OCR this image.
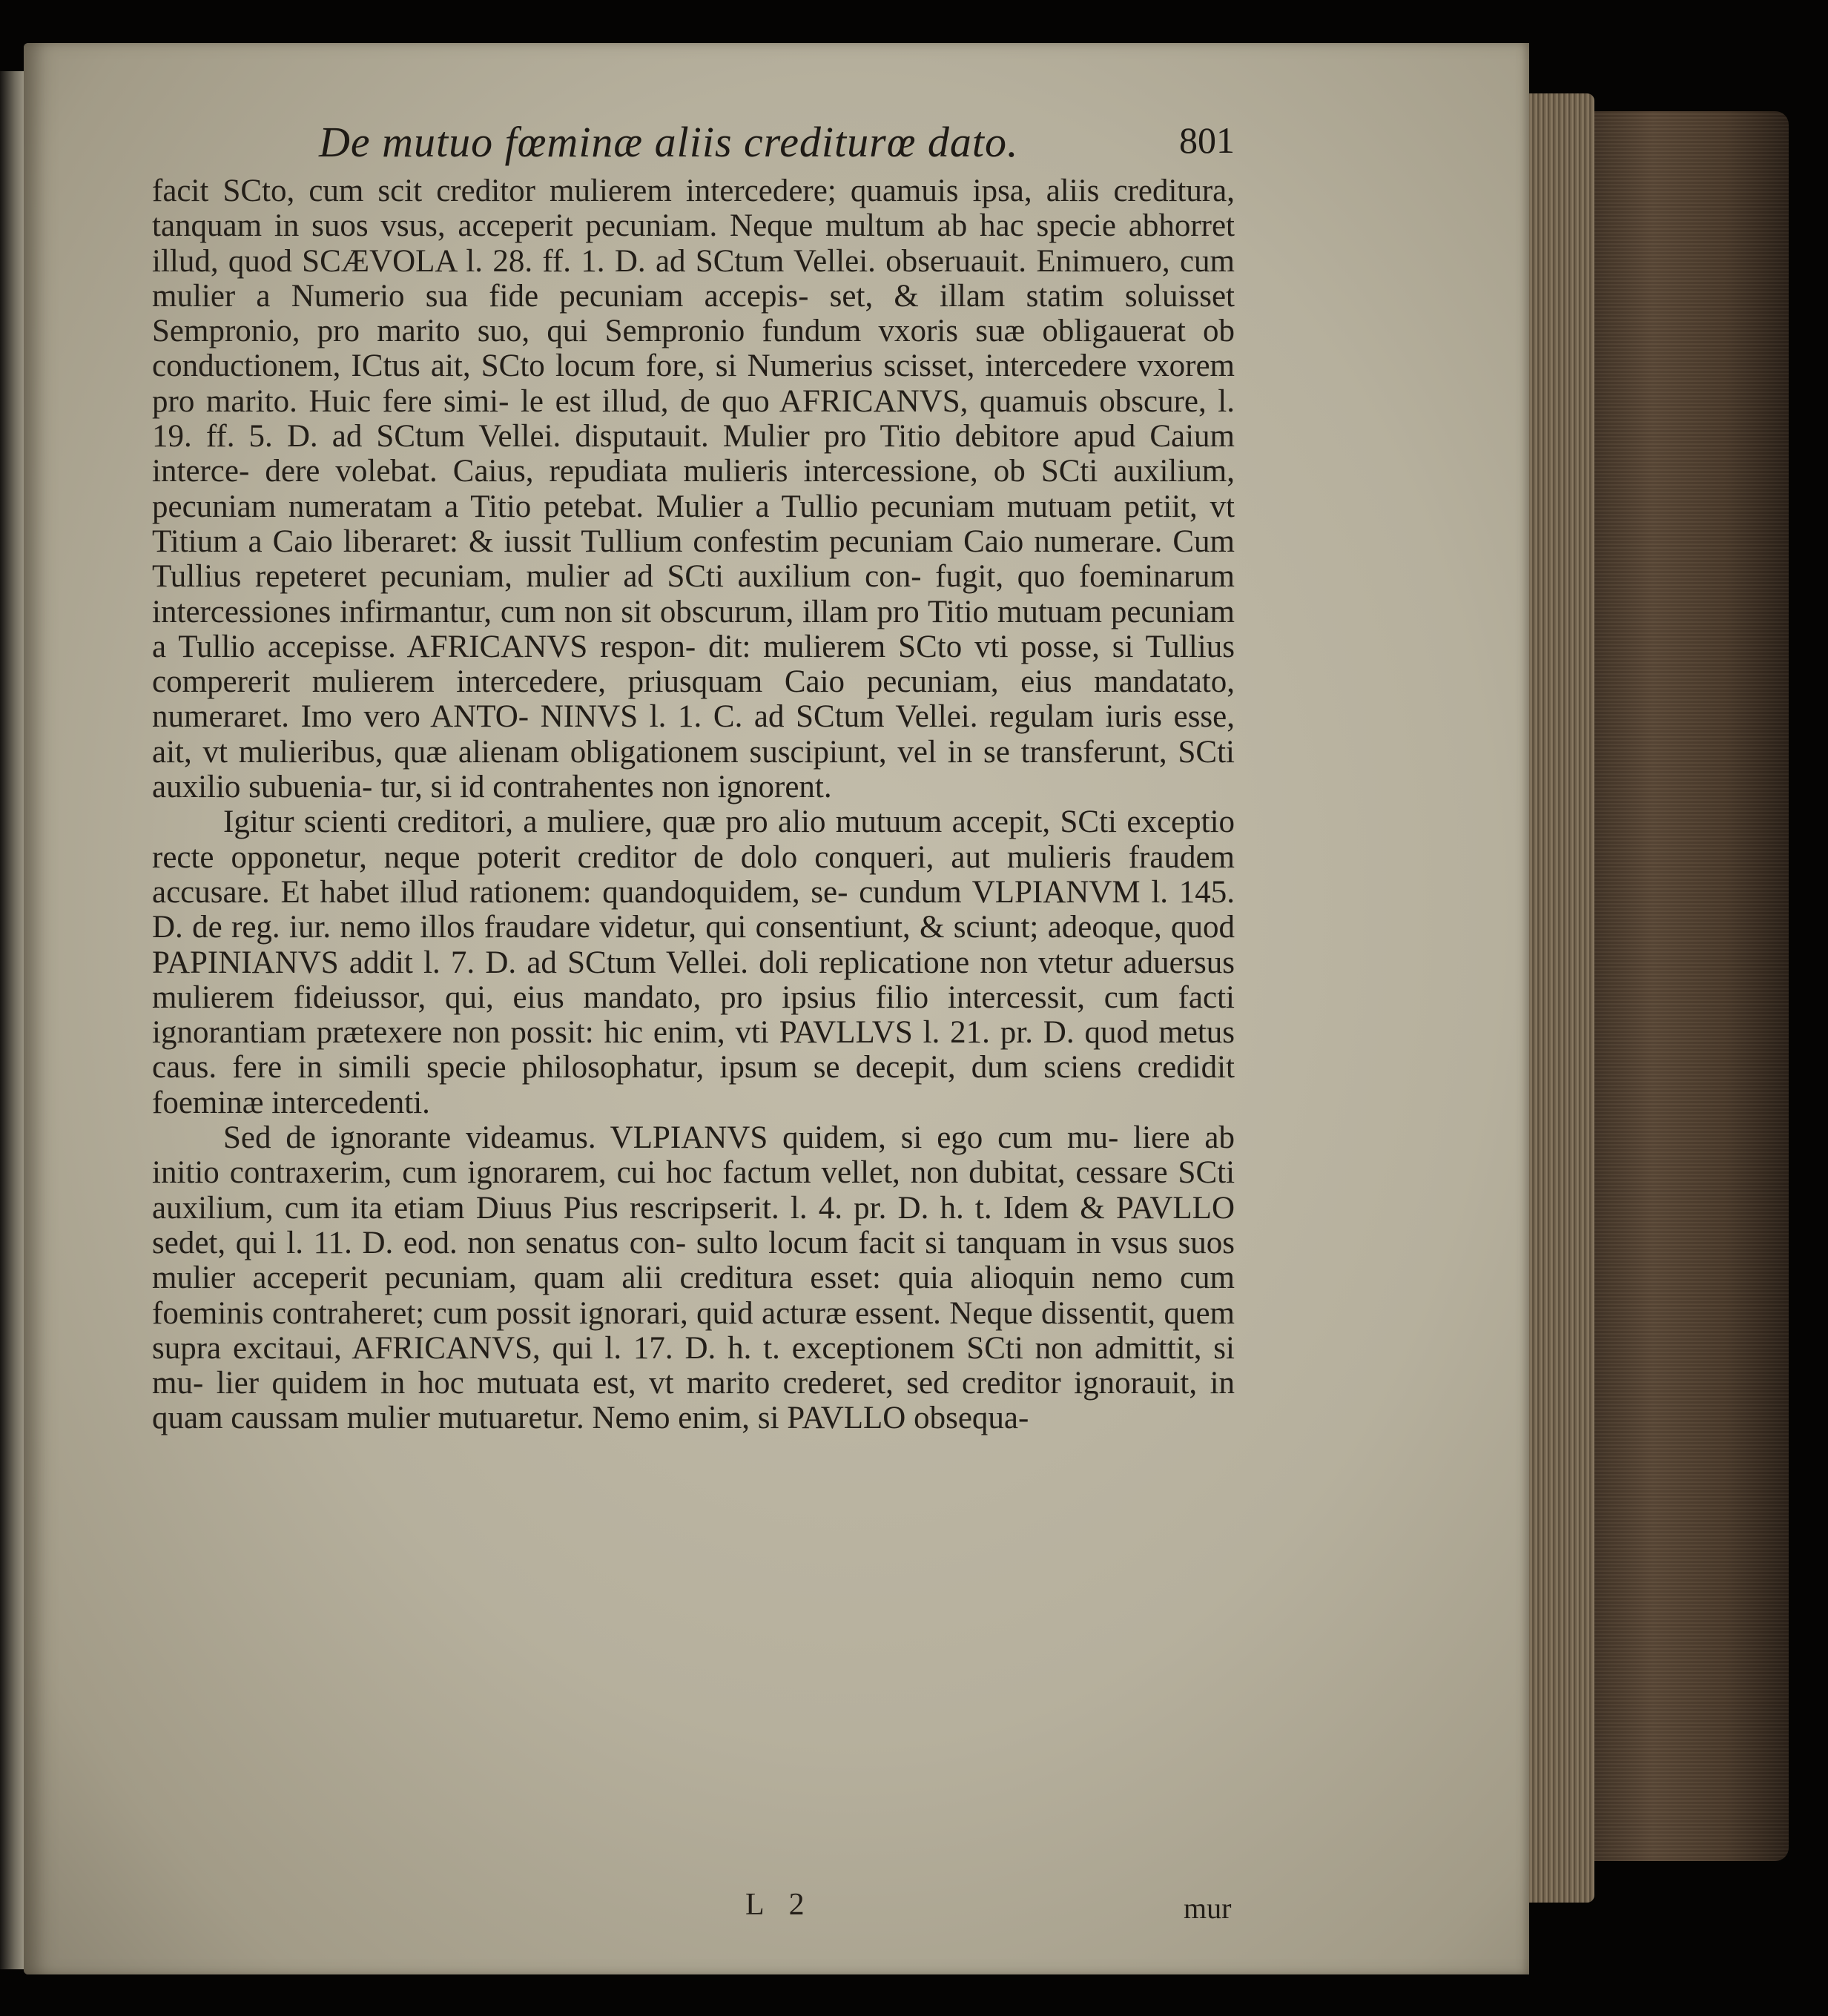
De mutuo fœminæ aliis crediturœ dato.	801

facit SCto, cum scit creditor mulierem intercedere; quamuis ipsa, aliis creditura, tanquam in suos vsus, acceperit pecuniam. Neque multum ab hac specie abhorret illud, quod SCÆVOLA l. 28. ff. 1. D. ad SCtum Vellei. obseruauit. Enimuero, cum mulier a Numerio sua fide pecuniam accepis- set, & illam statim soluisset Sempronio, pro marito suo, qui Sempronio fundum vxoris suæ obligauerat ob conductionem, ICtus ait, SCto locum fore, si Numerius scisset, intercedere vxorem pro marito. Huic fere simi- le est illud, de quo AFRICANVS, quamuis obscure, l. 19. ff. 5. D. ad SCtum Vellei. disputauit. Mulier pro Titio debitore apud Caium interce- dere volebat. Caius, repudiata mulieris intercessione, ob SCti auxilium, pecuniam numeratam a Titio petebat. Mulier a Tullio pecuniam mutuam petiit, vt Titium a Caio liberaret: & iussit Tullium confestim pecuniam Caio numerare. Cum Tullius repeteret pecuniam, mulier ad SCti auxilium con- fugit, quo foeminarum intercessiones infirmantur, cum non sit obscurum, illam pro Titio mutuam pecuniam a Tullio accepisse. AFRICANVS respon- dit: mulierem SCto vti posse, si Tullius compererit mulierem intercedere, priusquam Caio pecuniam, eius mandatato, numeraret. Imo vero ANTO- NINVS l. 1. C. ad SCtum Vellei. regulam iuris esse, ait, vt mulieribus, quæ alienam obligationem suscipiunt, vel in se transferunt, SCti auxilio subuenia- tur, si id contrahentes non ignorent.

Igitur scienti creditori, a muliere, quæ pro alio mutuum accepit, SCti exceptio recte opponetur, neque poterit creditor de dolo conqueri, aut mulieris fraudem accusare. Et habet illud rationem: quandoquidem, se- cundum VLPIANVM l. 145. D. de reg. iur. nemo illos fraudare videtur, qui consentiunt, & sciunt; adeoque, quod PAPINIANVS addit l. 7. D. ad SCtum Vellei. doli replicatione non vtetur aduersus mulierem fideiussor, qui, eius mandato, pro ipsius filio intercessit, cum facti ignorantiam prætexere non possit: hic enim, vti PAVLLVS l. 21. pr. D. quod metus caus. fere in simili specie philosophatur, ipsum se decepit, dum sciens credidit foeminæ intercedenti.

Sed de ignorante videamus. VLPIANVS quidem, si ego cum mu- liere ab initio contraxerim, cum ignorarem, cui hoc factum vellet, non dubitat, cessare SCti auxilium, cum ita etiam Diuus Pius rescripserit. l. 4. pr. D. h. t. Idem & PAVLLO sedet, qui l. 11. D. eod. non senatus con- sulto locum facit si tanquam in vsus suos mulier acceperit pecuniam, quam alii creditura esset: quia alioquin nemo cum foeminis contraheret; cum possit ignorari, quid acturæ essent. Neque dissentit, quem supra excitaui, AFRICANVS, qui l. 17. D. h. t. exceptionem SCti non admittit, si mu- lier quidem in hoc mutuata est, vt marito crederet, sed creditor ignorauit, in quam caussam mulier mutuaretur. Nemo enim, si PAVLLO obsequa-

L 2	mur
